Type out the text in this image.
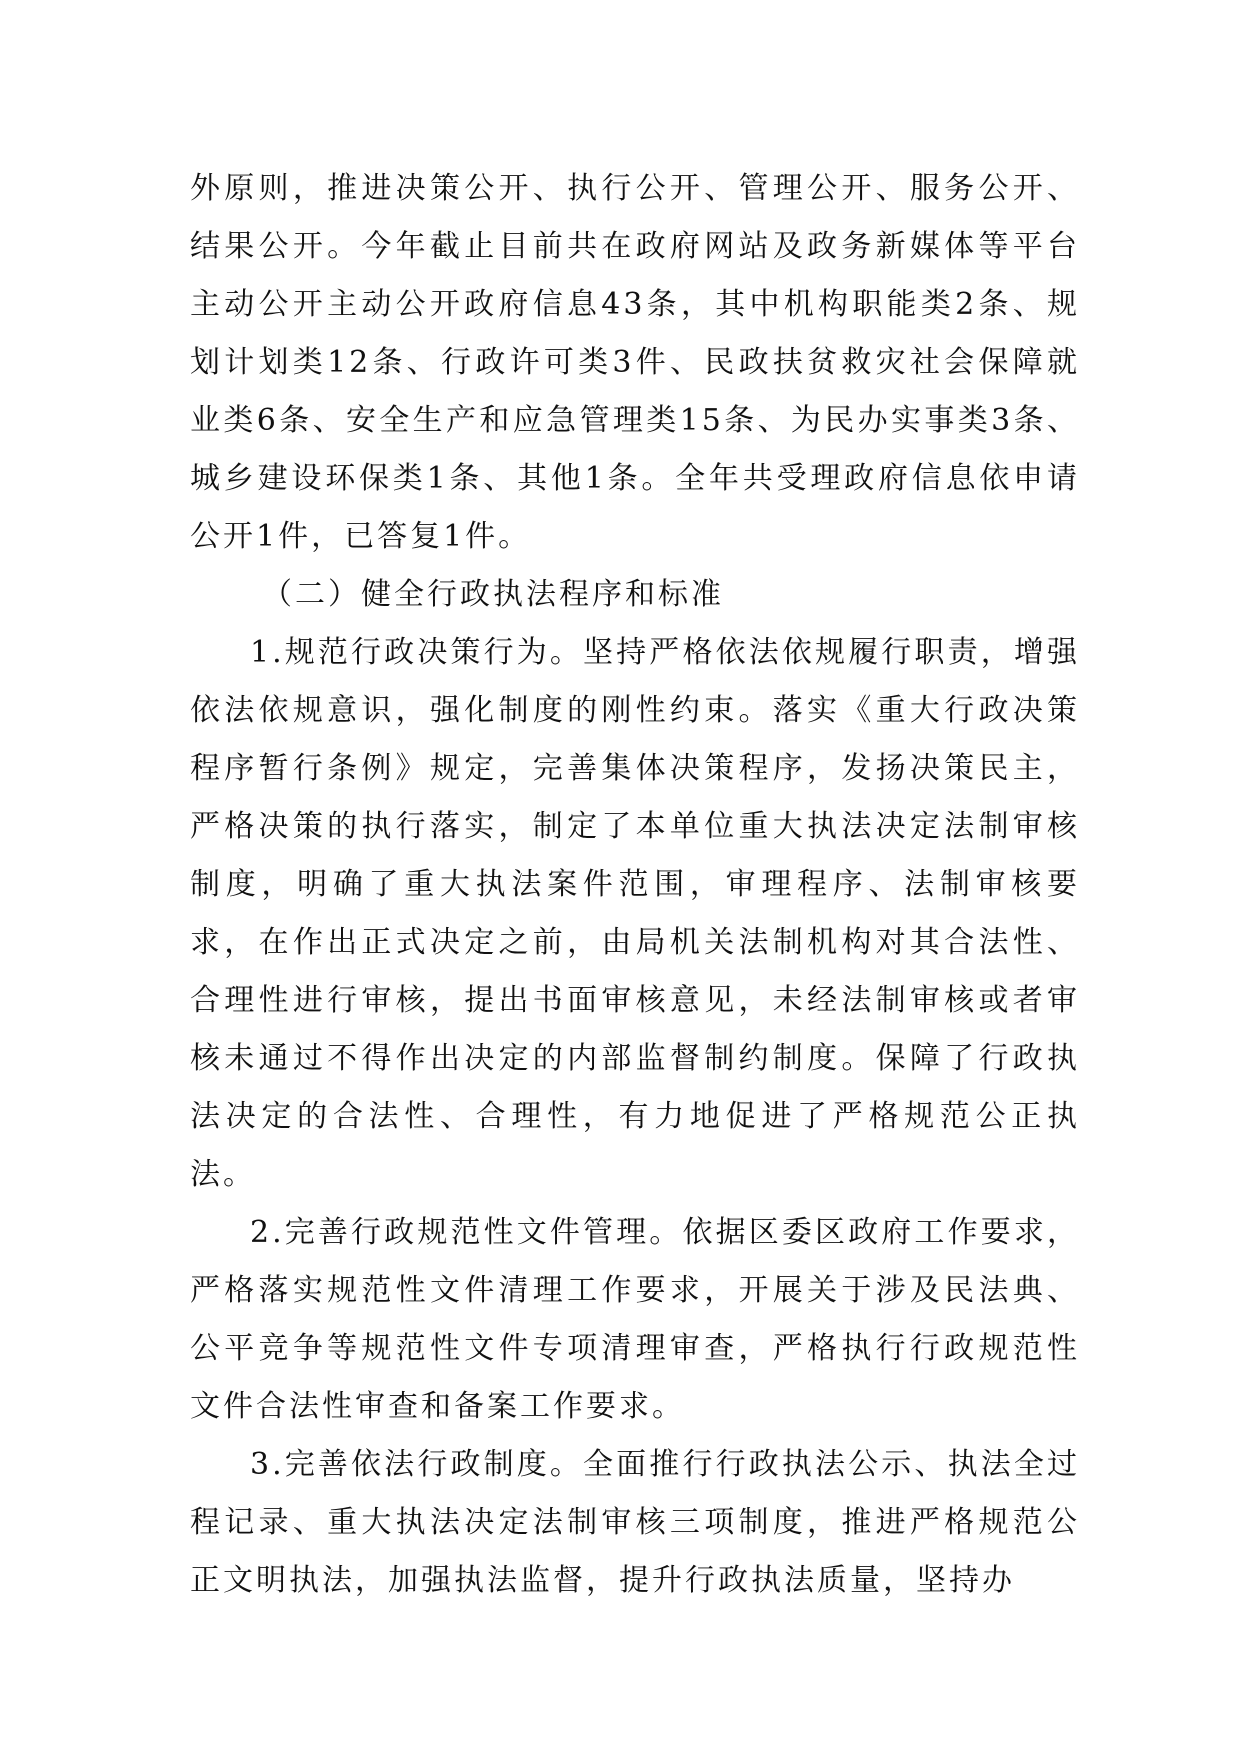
外原则，推进决策公开、执行公开、管理公开、服务公开、结果公开。今年截止目前共在政府网站及政务新媒体等平台主动公开主动公开政府信息43条，其中机构职能类2条、规划计划类12条、行政许可类3件、民政扶贫救灾社会保障就业类6条、安全生产和应急管理类15条、为民办实事类3条、城乡建设环保类1条、其他1条。全年共受理政府信息依申请公开1件，已答复1件。

（二）健全行政执法程序和标准

1.规范行政决策行为。坚持严格依法依规履行职责，增强依法依规意识，强化制度的刚性约束。落实《重大行政决策程序暂行条例》规定，完善集体决策程序，发扬决策民主，严格决策的执行落实，制定了本单位重大执法决定法制审核制度，明确了重大执法案件范围，审理程序、法制审核要求，在作出正式决定之前，由局机关法制机构对其合法性、合理性进行审核，提出书面审核意见，未经法制审核或者审核未通过不得作出决定的内部监督制约制度。保障了行政执法决定的合法性、合理性，有力地促进了严格规范公正执法。

2.完善行政规范性文件管理。依据区委区政府工作要求，严格落实规范性文件清理工作要求，开展关于涉及民法典、公平竞争等规范性文件专项清理审查，严格执行行政规范性文件合法性审查和备案工作要求。

3.完善依法行政制度。全面推行行政执法公示、执法全过程记录、重大执法决定法制审核三项制度，推进严格规范公正文明执法，加强执法监督，提升行政执法质量，坚持办
